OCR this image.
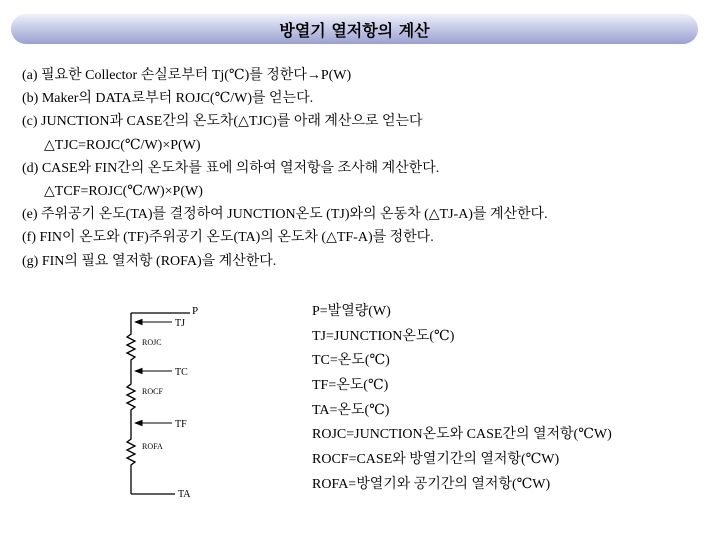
방열기 열저항의 계산
(a) 필요한 Collector 손실로부터 Tj(℃)를 정한다→P(W)
(b) Maker의 DATA로부터 ROJC(℃/W)를 얻는다.
(c) JUNCTION과 CASE간의 온도차(△TJC)를 아래 계산으로 얻는다
△TJC=ROJC(℃/W)×P(W)
(d) CASE와 FIN간의 온도차를 표에 의하여 열저항을 조사해 계산한다.
△TCF=ROJC(℃/W)×P(W)
(e) 주위공기 온도(TA)를 결정하여 JUNCTION온도 (TJ)와의 온동차 (△TJ-A)를 계산한다.
(f) FIN이 온도와 (TF)주위공기 온도(TA)의 온도차 (△TF-A)를 정한다.
(g) FIN의 필요 열저항 (ROFA)을 계산한다.
P
TJ
ROJC
TC
ROCF
TF
ROFA
TA
P=발열량(W)
TJ=JUNCTION온도(℃)
TC=온도(℃)
TF=온도(℃)
TA=온도(℃)
ROJC=JUNCTION온도와 CASE간의 열저항(℃W)
ROCF=CASE와 방열기간의 열저항(℃W)
ROFA=방열기와 공기간의 열저항(℃W)
